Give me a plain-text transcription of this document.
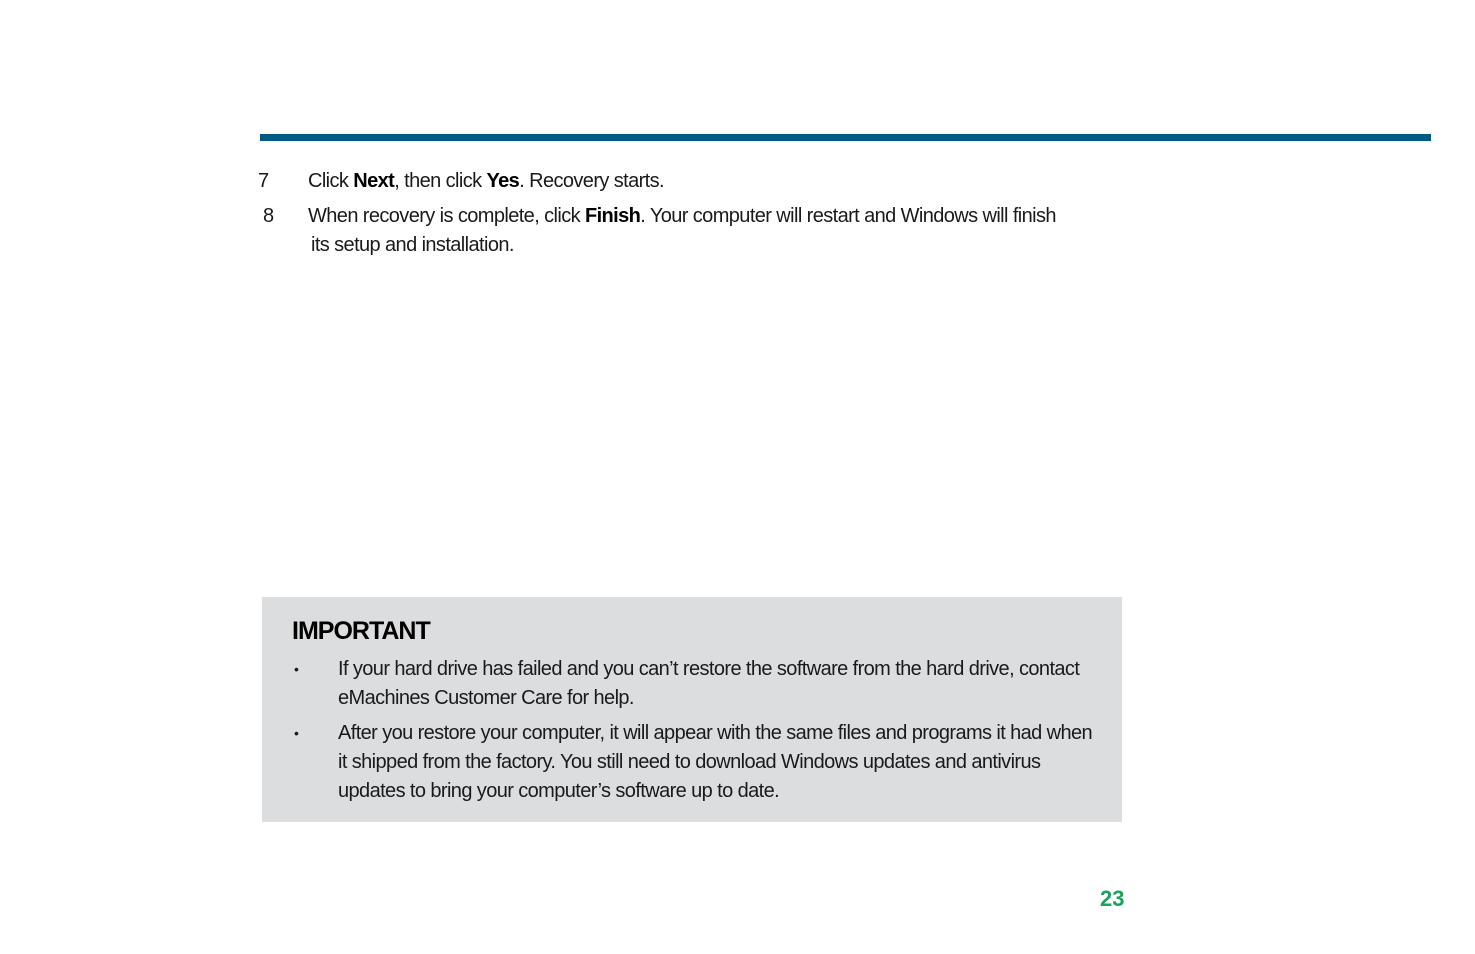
7	Click Next, then click Yes. Recovery starts.
8	When recovery is complete, click Finish. Your computer will restart and Windows will finish
its setup and installation.
IMPORTANT
• If your hard drive has failed and you can’t restore the software from the hard drive, contact eMachines Customer Care for help.
• After you restore your computer, it will appear with the same files and programs it had when it shipped from the factory. You still need to download Windows updates and antivirus updates to bring your computer’s software up to date.
23
